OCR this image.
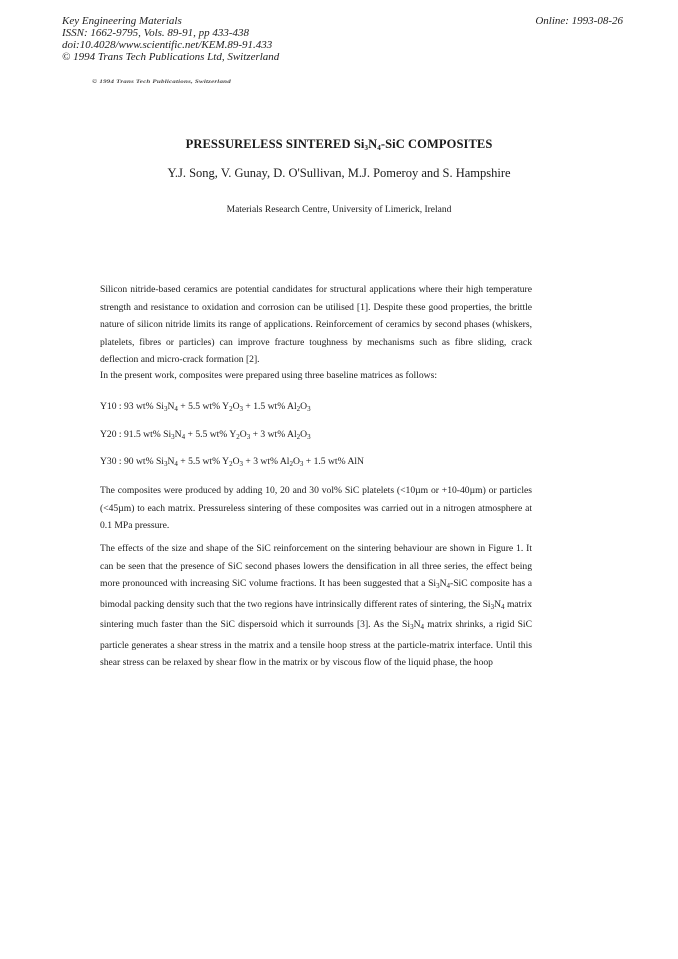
Key Engineering Materials
ISSN: 1662-9795, Vols. 89-91, pp 433-438
doi:10.4028/www.scientific.net/KEM.89-91.433
© 1994 Trans Tech Publications Ltd, Switzerland
Online: 1993-08-26
© 1994 Trans Tech Publications, Switzerland
PRESSURELESS SINTERED $Si_3N_4$-SiC COMPOSITES
Y.J. Song, V. Gunay, D. O'Sullivan, M.J. Pomeroy and S. Hampshire
Materials Research Centre, University of Limerick, Ireland
Silicon nitride-based ceramics are potential candidates for structural applications where their high temperature strength and resistance to oxidation and corrosion can be utilised [1]. Despite these good properties, the brittle nature of silicon nitride limits its range of applications. Reinforcement of ceramics by second phases (whiskers, platelets, fibres or particles) can improve fracture toughness by mechanisms such as fibre sliding, crack deflection and micro-crack formation [2].
In the present work, composites were prepared using three baseline matrices as follows:
Y10 : 93 wt% $Si_3N_4 + 5.5$ wt% $Y_2O_3 + 1.5$ wt% $Al_2O_3$
Y20 : 91.5 wt% $Si_3N_4 + 5.5$ wt% $Y_2O_3 + 3$ wt% $Al_2O_3$
Y30 : 90 wt% $Si_3N_4 + 5.5$ wt% $Y_2O_3 + 3$ wt% $Al_2O_3 + 1.5$ wt% AlN
The composites were produced by adding 10, 20 and 30 vol% SiC platelets (<10µm or +10-40µm) or particles (<45µm) to each matrix. Pressureless sintering of these composites was carried out in a nitrogen atmosphere at 0.1 MPa pressure.
The effects of the size and shape of the SiC reinforcement on the sintering behaviour are shown in Figure 1. It can be seen that the presence of SiC second phases lowers the densification in all three series, the effect being more pronounced with increasing SiC volume fractions. It has been suggested that a $Si_3N_4$-SiC composite has a bimodal packing density such that the two regions have intrinsically different rates of sintering, the $Si_3N_4$ matrix sintering much faster than the SiC dispersoid which it surrounds [3]. As the $Si_3N_4$ matrix shrinks, a rigid SiC particle generates a shear stress in the matrix and a tensile hoop stress at the particle-matrix interface. Until this shear stress can be relaxed by shear flow in the matrix or by viscous flow of the liquid phase, the hoop
